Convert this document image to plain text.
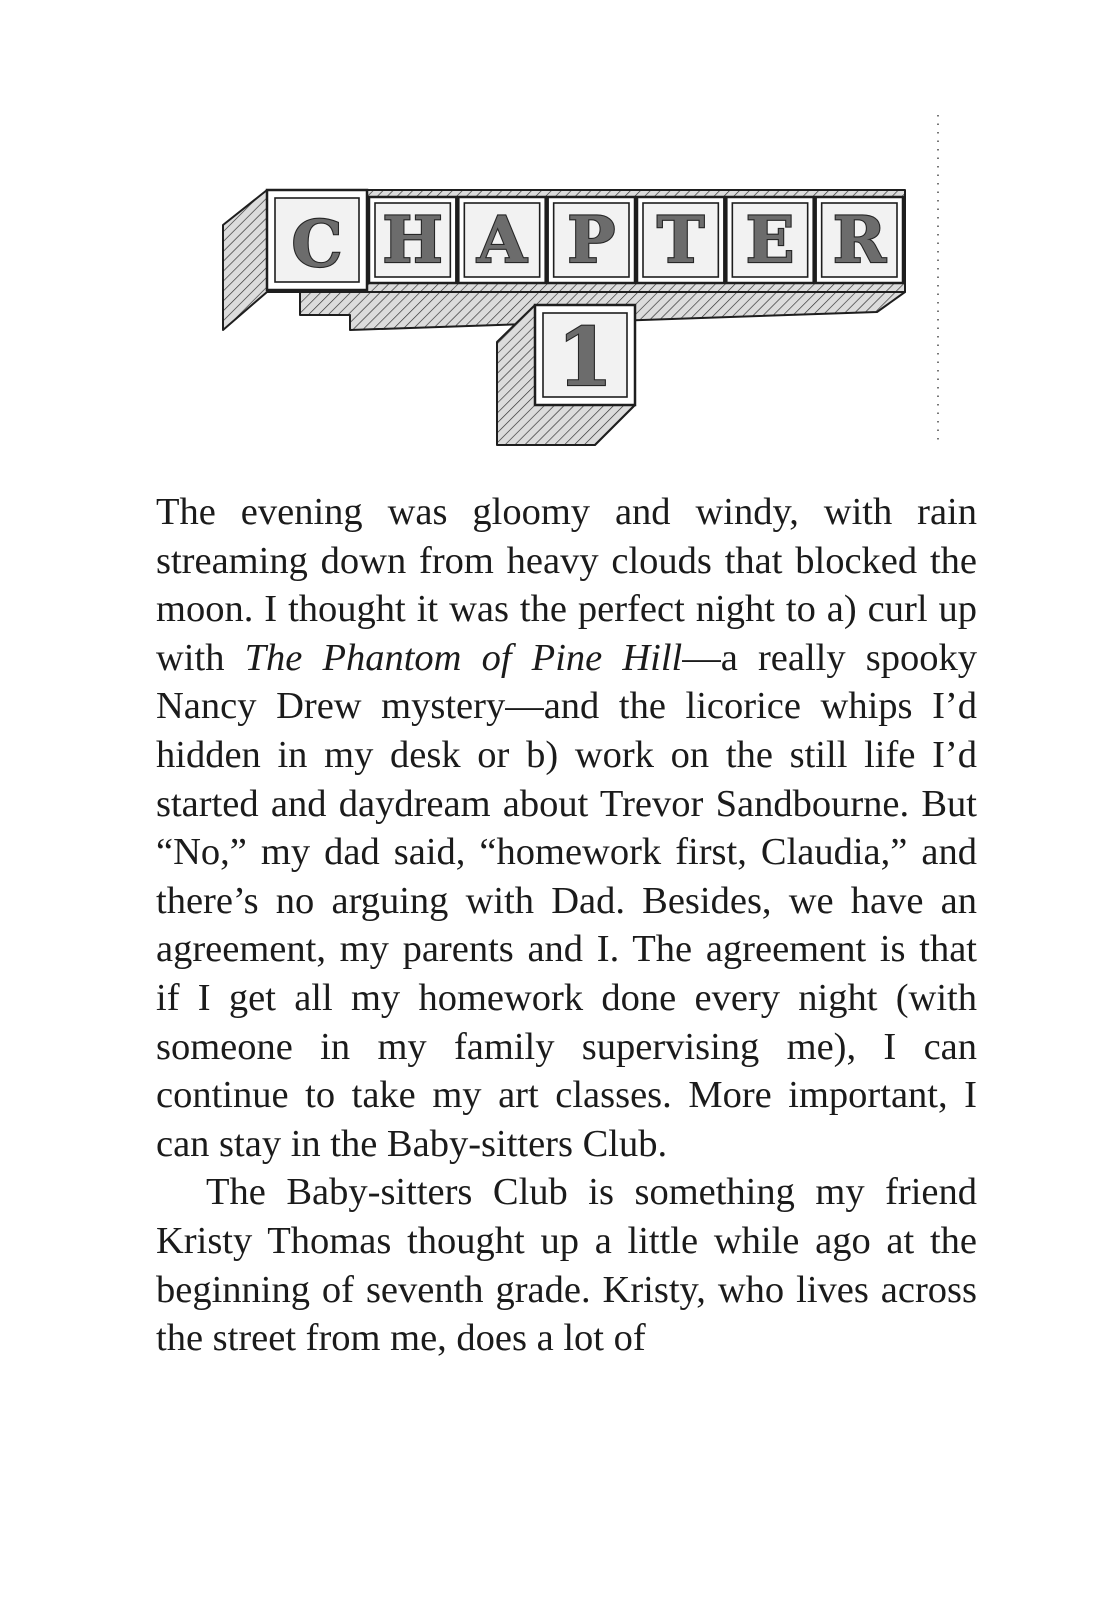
C H A P T E R
1

The evening was gloomy and windy, with rain streaming down from heavy clouds that blocked the moon. I thought it was the perfect night to a) curl up with The Phantom of Pine Hill—a really spooky Nancy Drew mystery—and the licorice whips I’d hidden in my desk or b) work on the still life I’d started and daydream about Trevor Sandbourne. But “No,” my dad said, “homework first, Claudia,” and there’s no arguing with Dad. Besides, we have an agreement, my parents and I. The agreement is that if I get all my homework done every night (with someone in my family supervising me), I can continue to take my art classes. More important, I can stay in the Baby-sitters Club.

The Baby-sitters Club is something my friend Kristy Thomas thought up a little while ago at the beginning of seventh grade. Kristy, who lives across the street from me, does a lot of
